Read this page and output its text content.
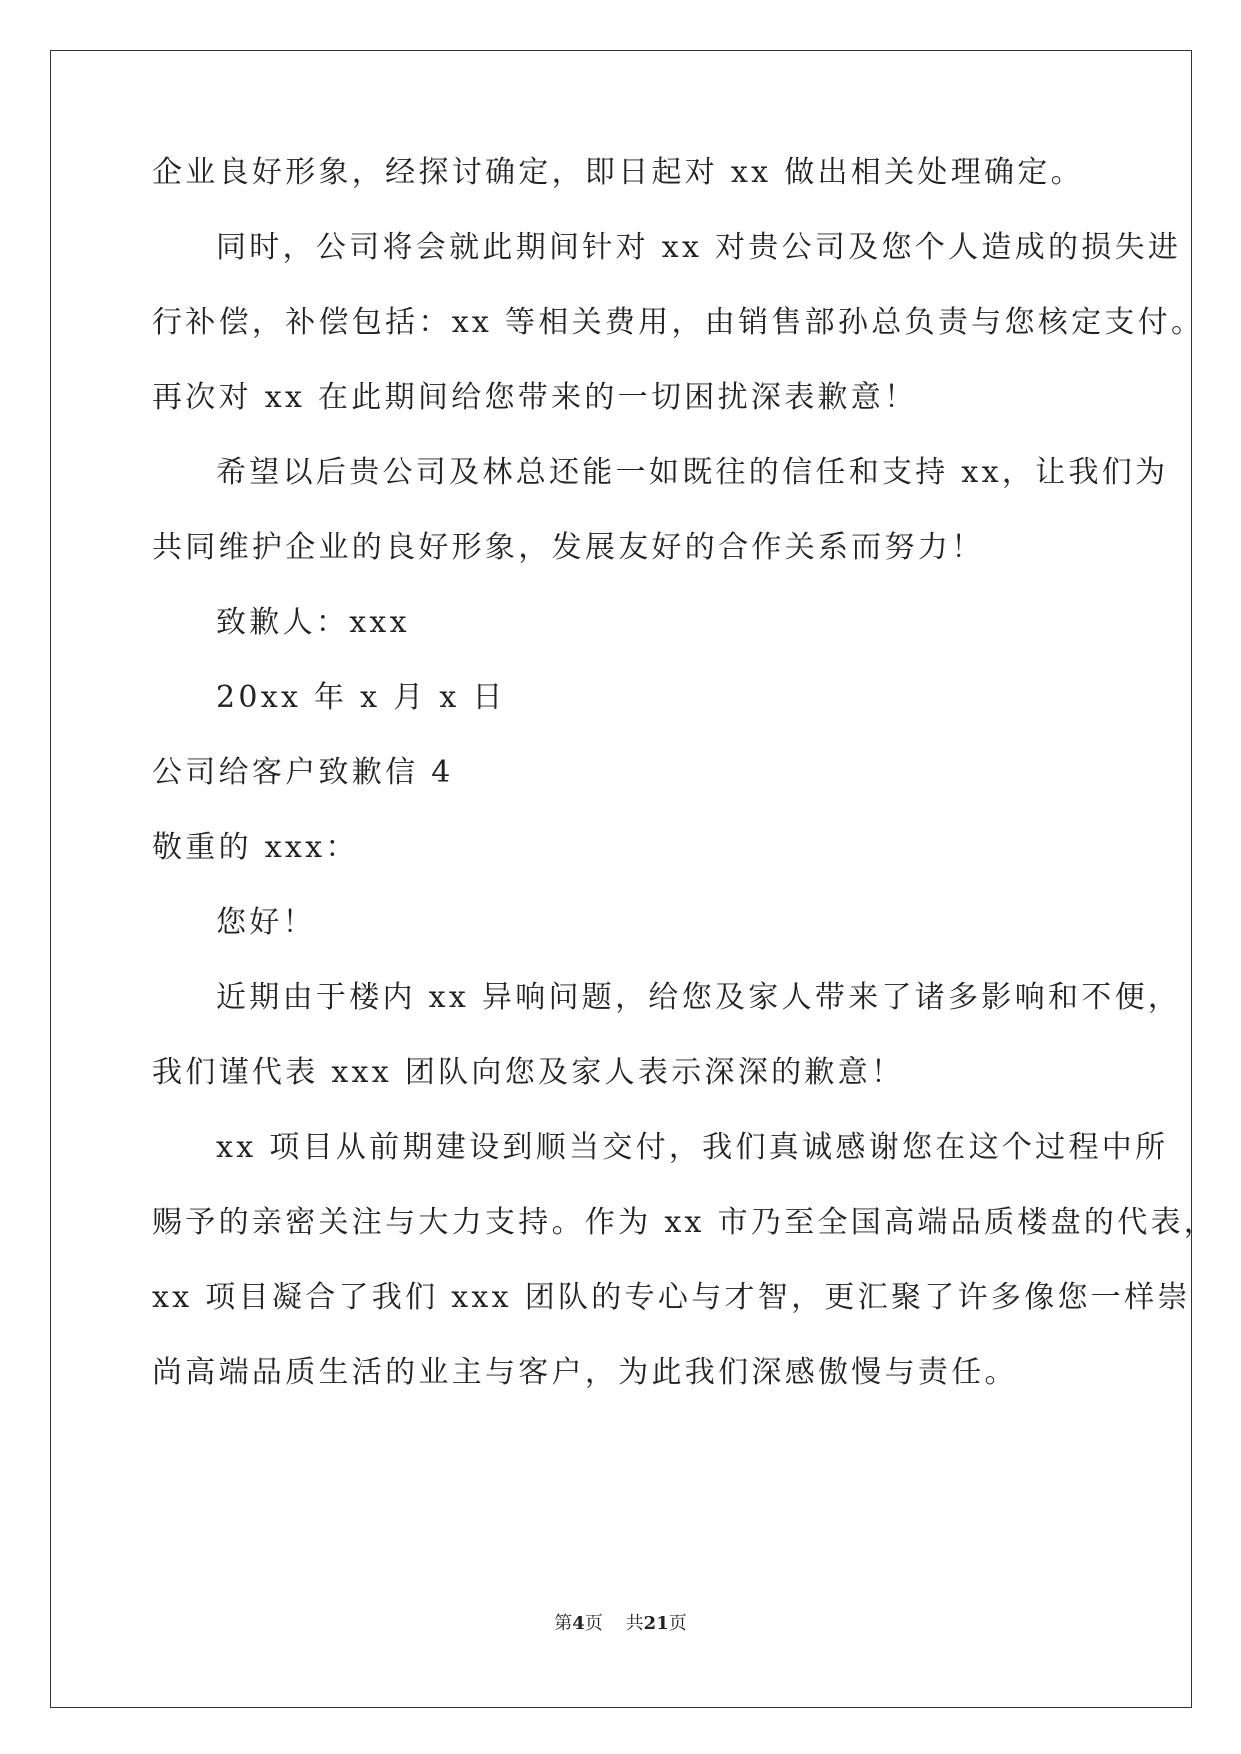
企业良好形象，经探讨确定，即日起对 xx 做出相关处理确定。
同时，公司将会就此期间针对 xx 对贵公司及您个人造成的损失进
行补偿，补偿包括：xx 等相关费用，由销售部孙总负责与您核定支付。
再次对 xx 在此期间给您带来的一切困扰深表歉意！
希望以后贵公司及林总还能一如既往的信任和支持 xx，让我们为
共同维护企业的良好形象，发展友好的合作关系而努力！
致歉人：xxx
20xx 年 x 月 x 日
公司给客户致歉信 4
敬重的 xxx：
您好！
近期由于楼内 xx 异响问题，给您及家人带来了诸多影响和不便，
我们谨代表 xxx 团队向您及家人表示深深的歉意！
xx 项目从前期建设到顺当交付，我们真诚感谢您在这个过程中所
赐予的亲密关注与大力支持。作为 xx 市乃至全国高端品质楼盘的代表，
xx 项目凝合了我们 xxx 团队的专心与才智，更汇聚了许多像您一样崇
尚高端品质生活的业主与客户，为此我们深感傲慢与责任。
第4页 共21页
